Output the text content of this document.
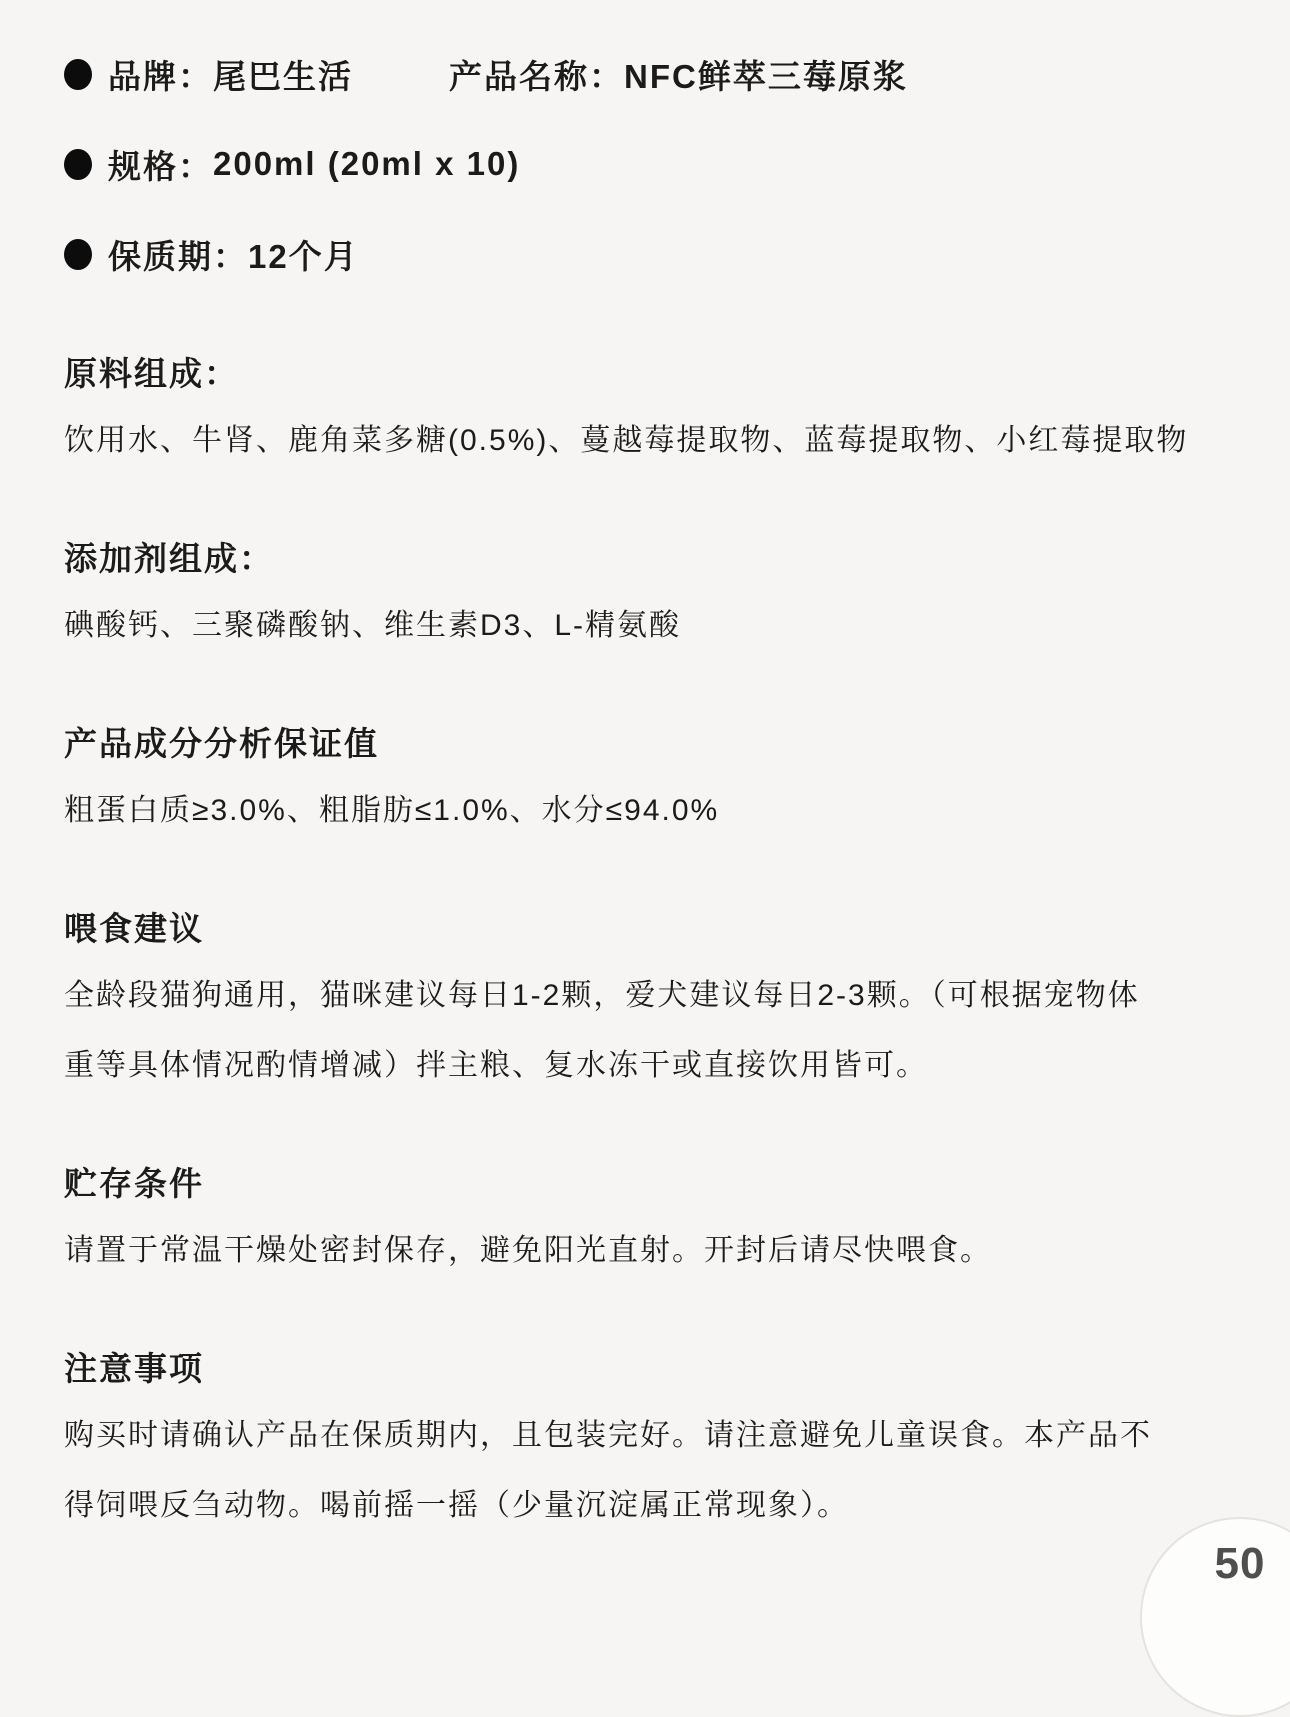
品牌： 尾巴生活	产品名称： NFC鲜萃三莓原浆
规格： 200ml (20ml x 10)
保质期： 12个月
原料组成：

饮用水、牛肾、鹿角菜多糖(0.5%)、蔓越莓提取物、蓝莓提取物、小红莓提取物

添加剂组成：

碘酸钙、三聚磷酸钠、维生素D3、L-精氨酸

产品成分分析保证值

粗蛋白质≥3.0%、粗脂肪≤1.0%、水分≤94.0%

喂食建议

全龄段猫狗通用，猫咪建议每日1-2颗，爱犬建议每日2-3颗。（可根据宠物体

重等具体情况酌情增减）拌主粮、复水冻干或直接饮用皆可。

贮存条件

请置于常温干燥处密封保存，避免阳光直射。开封后请尽快喂食。

注意事项

购买时请确认产品在保质期内，且包装完好。请注意避免儿童误食。本产品不

得饲喂反刍动物。喝前摇一摇（少量沉淀属正常现象）。

50
